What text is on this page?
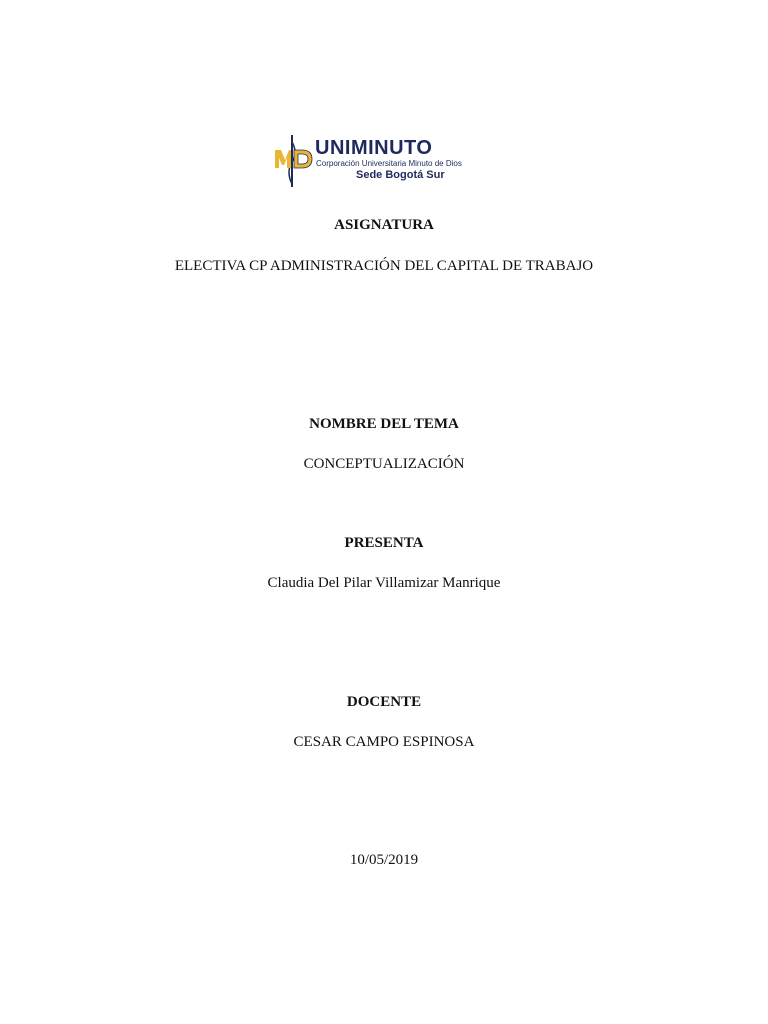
UNIMINUTO
Corporación Universitaria Minuto de Dios
Sede Bogotá Sur
ASIGNATURA
ELECTIVA CP ADMINISTRACIÓN DEL CAPITAL DE TRABAJO
NOMBRE DEL TEMA
CONCEPTUALIZACIÓN
PRESENTA
Claudia Del Pilar Villamizar Manrique
DOCENTE
CESAR CAMPO ESPINOSA
10/05/2019
